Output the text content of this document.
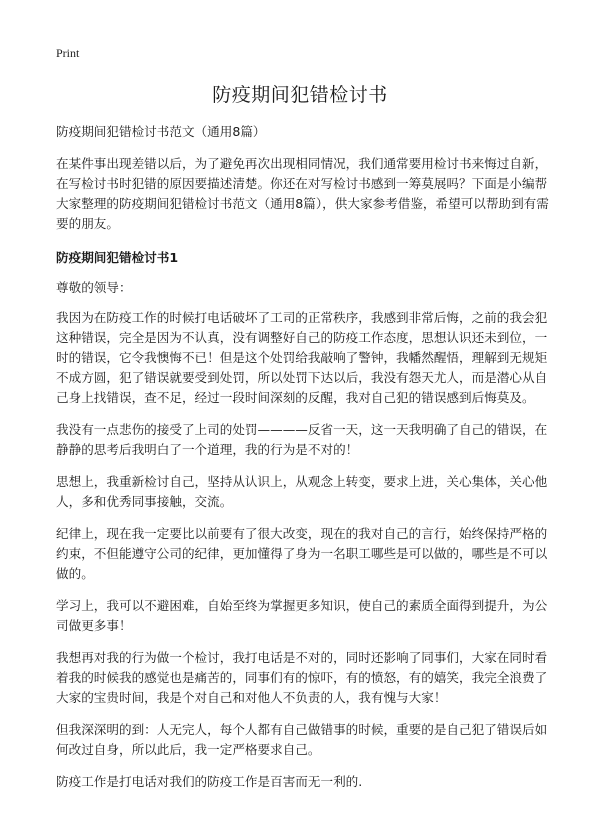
Print
防疫期间犯错检讨书

防疫期间犯错检讨书范文（通用8篇）

在某件事出现差错以后，为了避免再次出现相同情况，我们通常要用检讨书来悔过自新，在写检讨书时犯错的原因要描述清楚。你还在对写检讨书感到一筹莫展吗？下面是小编帮大家整理的防疫期间犯错检讨书范文（通用8篇），供大家参考借鉴，希望可以帮助到有需要的朋友。

防疫期间犯错检讨书1

尊敬的领导：

我因为在防疫工作的时候打电话破坏了工司的正常秩序，我感到非常后悔，之前的我会犯这种错误，完全是因为不认真，没有调整好自己的防疫工作态度，思想认识还未到位，一时的错误，它令我懊悔不已！但是这个处罚给我敲响了警钟，我幡然醒悟，理解到无规矩不成方圆，犯了错误就要受到处罚，所以处罚下达以后，我没有怨天尤人，而是潜心从自己身上找错误，查不足，经过一段时间深刻的反醒，我对自己犯的错误感到后悔莫及。

我没有一点悲伤的接受了上司的处罚————反省一天，这一天我明确了自己的错误，在静静的思考后我明白了一个道理，我的行为是不对的！

思想上，我重新检讨自己，坚持从认识上，从观念上转变，要求上进，关心集体，关心他人，多和优秀同事接触，交流。

纪律上，现在我一定要比以前要有了很大改变，现在的我对自己的言行，始终保持严格的约束，不但能遵守公司的纪律，更加懂得了身为一名职工哪些是可以做的，哪些是不可以做的。

学习上，我可以不避困难，自始至终为掌握更多知识，使自己的素质全面得到提升，为公司做更多事！

我想再对我的行为做一个检讨，我打电话是不对的，同时还影响了同事们，大家在同时看着我的时候我的感觉也是痛苦的，同事们有的惊吓，有的愤怒，有的嬉笑，我完全浪费了大家的宝贵时间，我是个对自己和对他人不负责的人，我有愧与大家！

但我深深明的到：人无完人，每个人都有自己做错事的时候，重要的是自己犯了错误后如何改过自身，所以此后，我一定严格要求自己。

防疫工作是打电话对我们的防疫工作是百害而无一利的.
